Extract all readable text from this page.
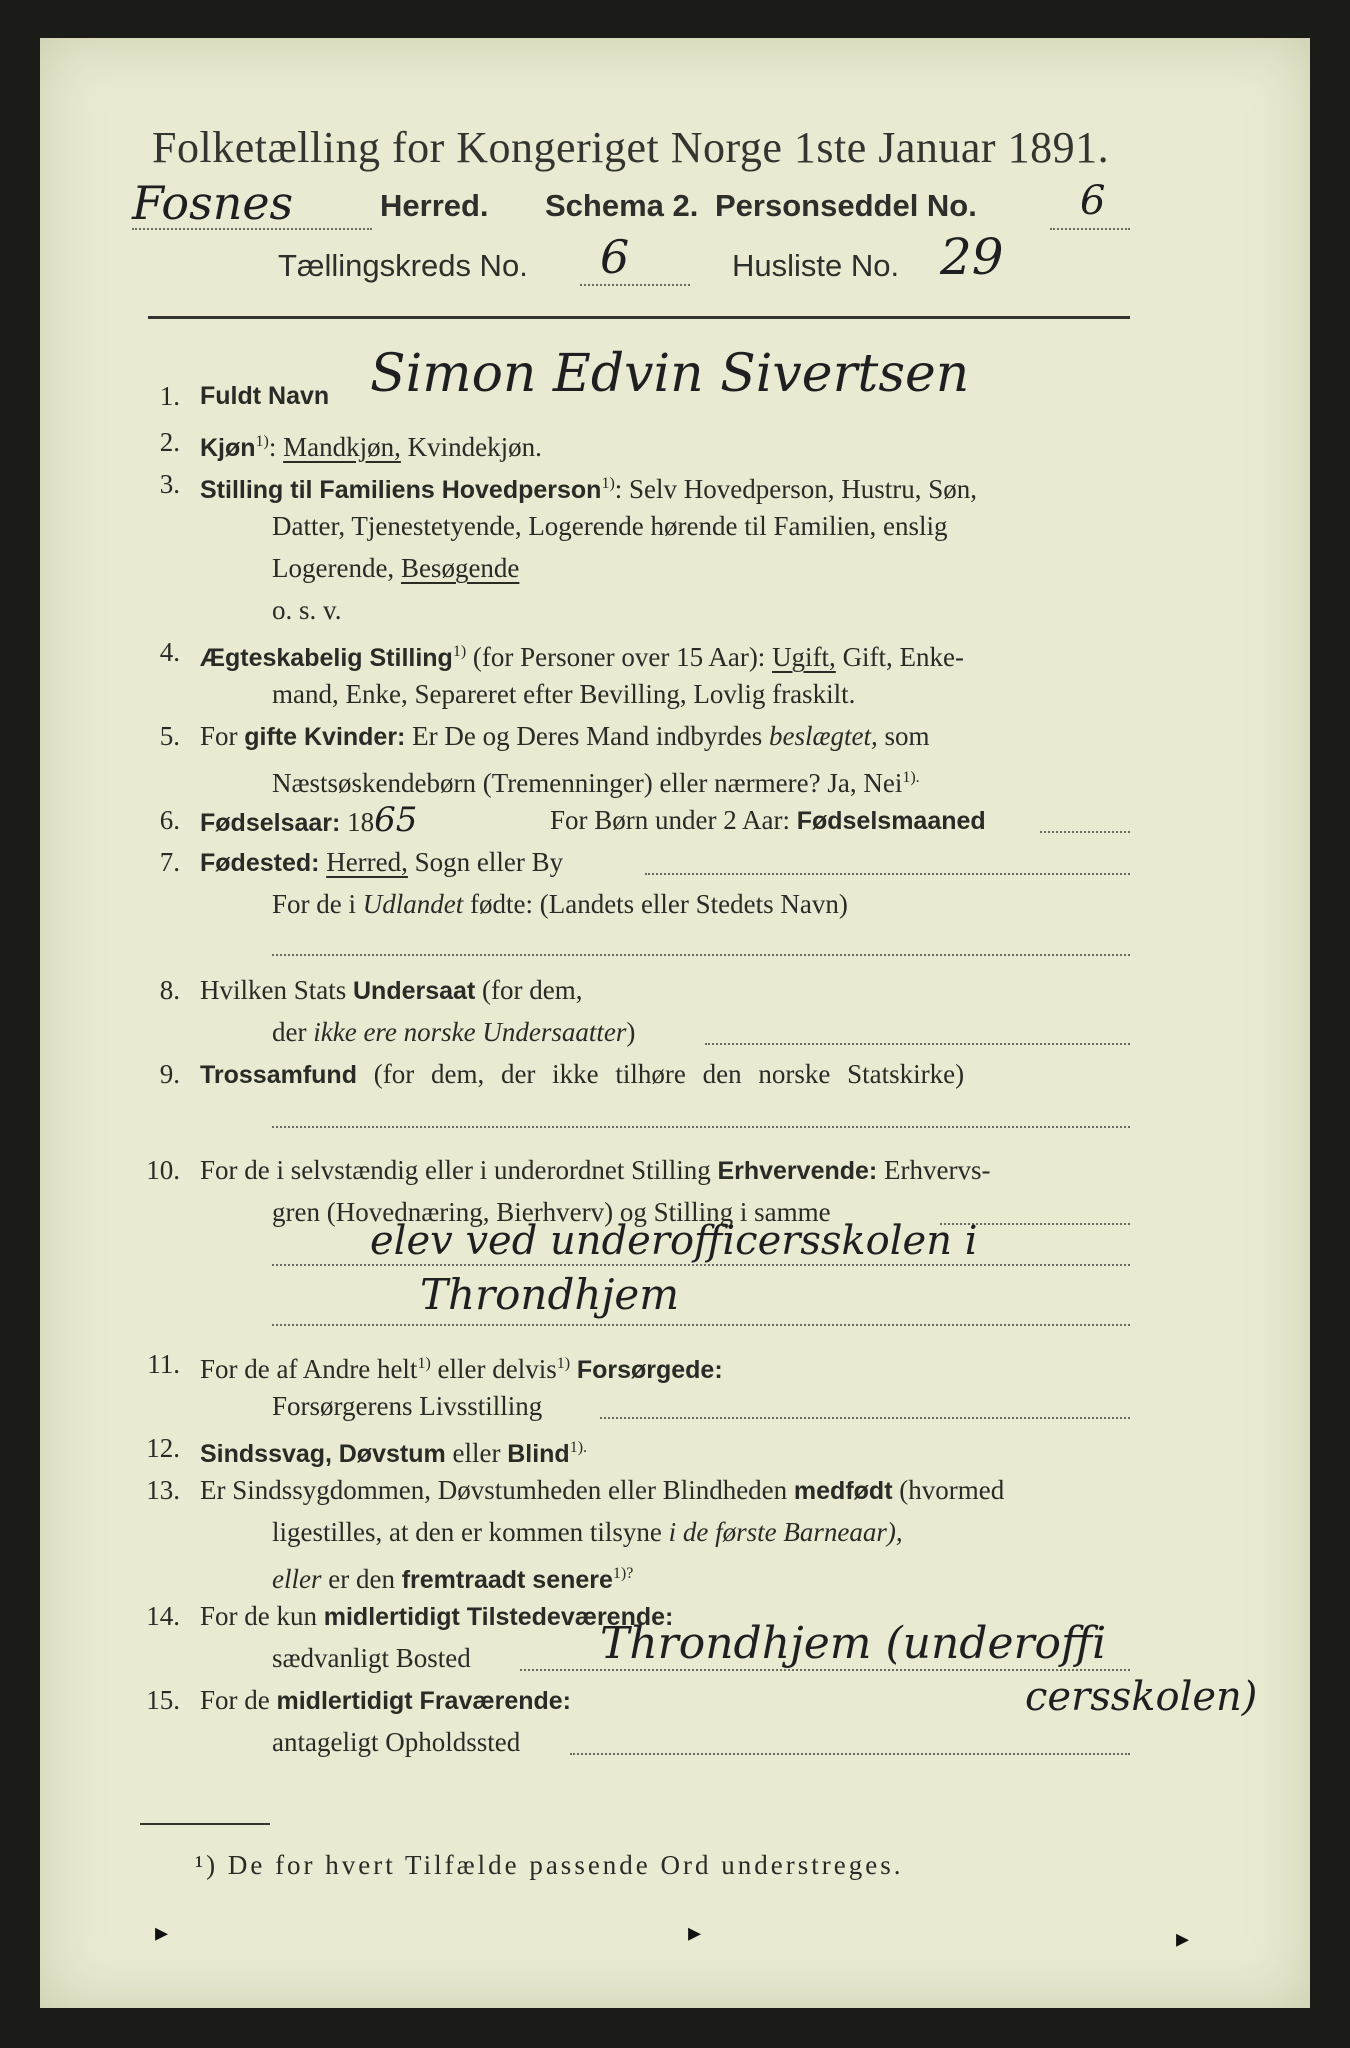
Folketælling for Kongeriget Norge 1ste Januar 1891.
Fosnes	Herred. Schema 2. Personseddel No.	6
Tællingskreds No. 6	Husliste No. 29
1. Fuldt Navn Simon Edvin Sivertsen
2. Kjøn$^{1)}$: Mandkjøn, Kvindekjøn.
3. Stilling til Familiens Hovedperson$^{1)}$: Selv Hovedperson, Hustru, Søn,
Datter, Tjenestetyende, Logerende hørende til Familien, enslig
Logerende, Besøgende
o. s. v.
4. Ægteskabelig Stilling$^{1)}$ (for Personer over 15 Aar): Ugift, Gift, Enke-
mand, Enke, Separeret efter Bevilling, Lovlig fraskilt.
5. For gifte Kvinder: Er De og Deres Mand indbyrdes beslægtet, som
Næstsøskendebørn (Tremenninger) eller nærmere? Ja, Nei$^{1).}$
6. Fødselsaar: 1865	For Børn under 2 Aar: Fødselsmaaned
7. Fødested: Herred, Sogn eller By
For de i Udlandet fødte: (Landets eller Stedets Navn)
8. Hvilken Stats Undersaat (for dem,
der ikke ere norske Undersaatter)
9. Trossamfund (for dem, der ikke tilhøre den norske Statskirke)
10. For de i selvstændig eller i underordnet Stilling Erhvervende: Erhvervs-
gren (Hovednæring, Bierhverv) og Stilling i samme
elev ved underofficersskolen i
Throndhjem
11. For de af Andre helt$^{1)}$ eller delvis$^{1)}$ Forsørgede:
Forsørgerens Livsstilling
12. Sindssvag, Døvstum eller Blind$^{1).}$
13. Er Sindssygdommen, Døvstumheden eller Blindheden medfødt (hvormed
ligestilles, at den er kommen tilsyne i de første Barneaar),
eller er den fremtraadt senere$^{1)?}$
14. For de kun midlertidigt Tilstedeværende:
sædvanligt Bosted	Throndhjem (underoffi
15. For de midlertidigt Fraværende:	cersskolen)
antageligt Opholdssted
¹) De for hvert Tilfælde passende Ord understreges.
▸	▸	▸
